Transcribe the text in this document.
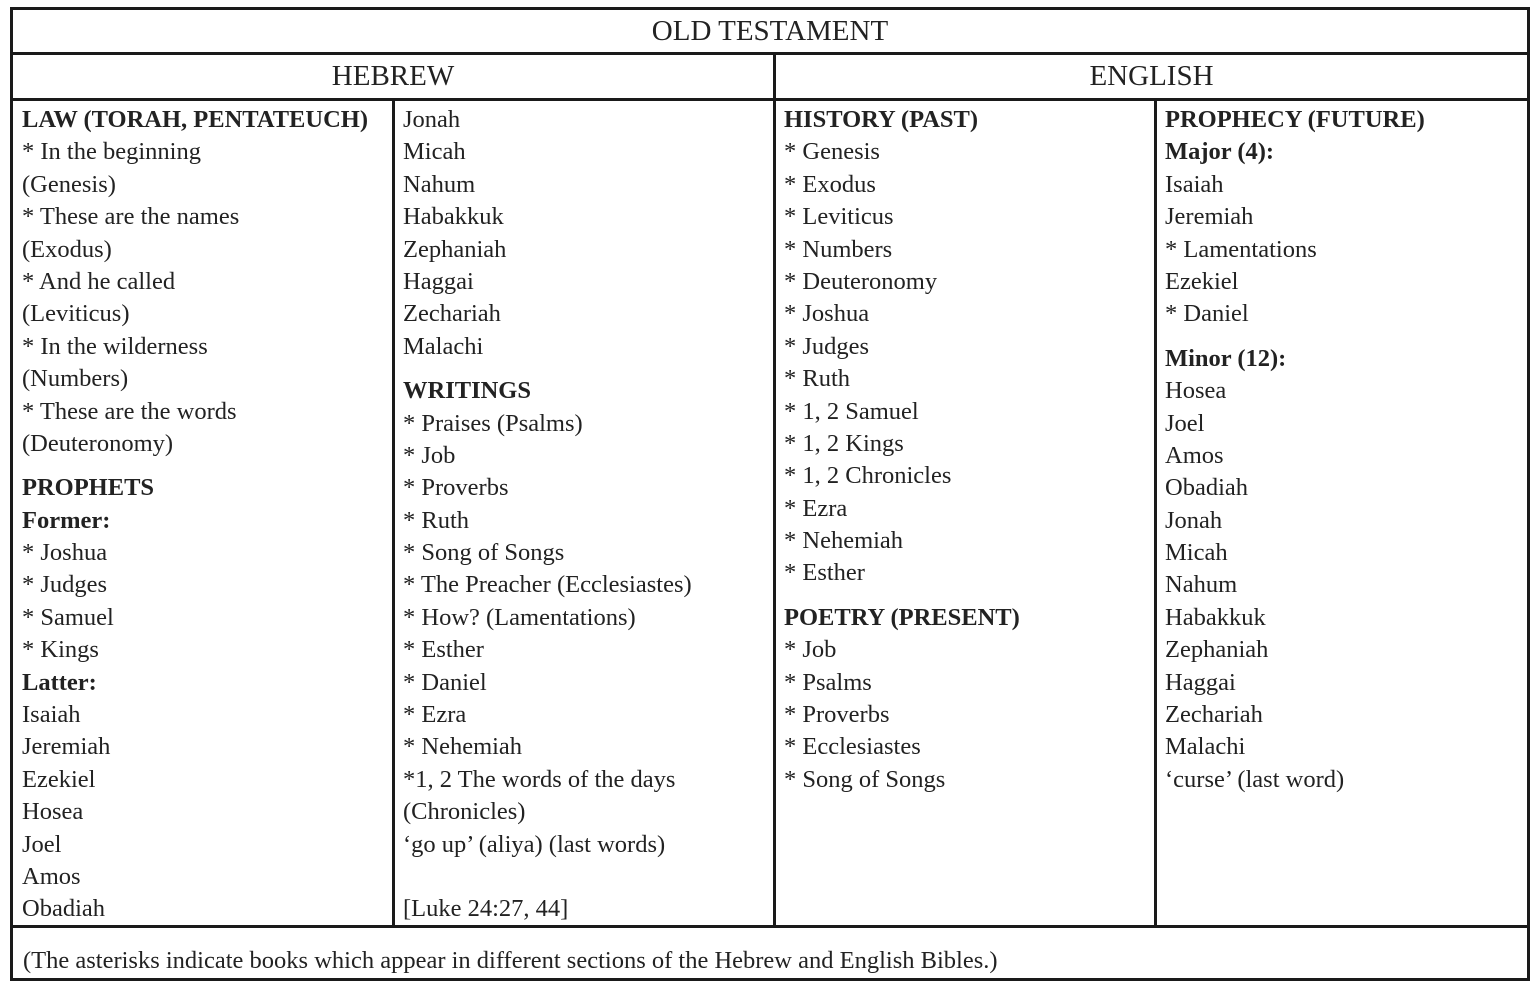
OLD TESTAMENT
HEBREW	ENGLISH
LAW (TORAH, PENTATEUCH)
* In the beginning
(Genesis)
* These are the names
(Exodus)
* And he called
(Leviticus)
* In the wilderness
(Numbers)
* These are the words
(Deuteronomy)
PROPHETS
Former:
* Joshua
* Judges
* Samuel
* Kings
Latter:
Isaiah
Jeremiah
Ezekiel
Hosea
Joel
Amos
Obadiah
Jonah
Micah
Nahum
Habakkuk
Zephaniah
Haggai
Zechariah
Malachi
WRITINGS
* Praises (Psalms)
* Job
* Proverbs
* Ruth
* Song of Songs
* The Preacher (Ecclesiastes)
* How? (Lamentations)
* Esther
* Daniel
* Ezra
* Nehemiah
*1, 2 The words of the days
(Chronicles)
‘go up’ (aliya) (last words)
[Luke 24:27, 44]
HISTORY (PAST)
* Genesis
* Exodus
* Leviticus
* Numbers
* Deuteronomy
* Joshua
* Judges
* Ruth
* 1, 2 Samuel
* 1, 2 Kings
* 1, 2 Chronicles
* Ezra
* Nehemiah
* Esther
POETRY (PRESENT)
* Job
* Psalms
* Proverbs
* Ecclesiastes
* Song of Songs
PROPHECY (FUTURE)
Major (4):
Isaiah
Jeremiah
* Lamentations
Ezekiel
* Daniel
Minor (12):
Hosea
Joel
Amos
Obadiah
Jonah
Micah
Nahum
Habakkuk
Zephaniah
Haggai
Zechariah
Malachi
‘curse’ (last word)
(The asterisks indicate books which appear in different sections of the Hebrew and English Bibles.)
